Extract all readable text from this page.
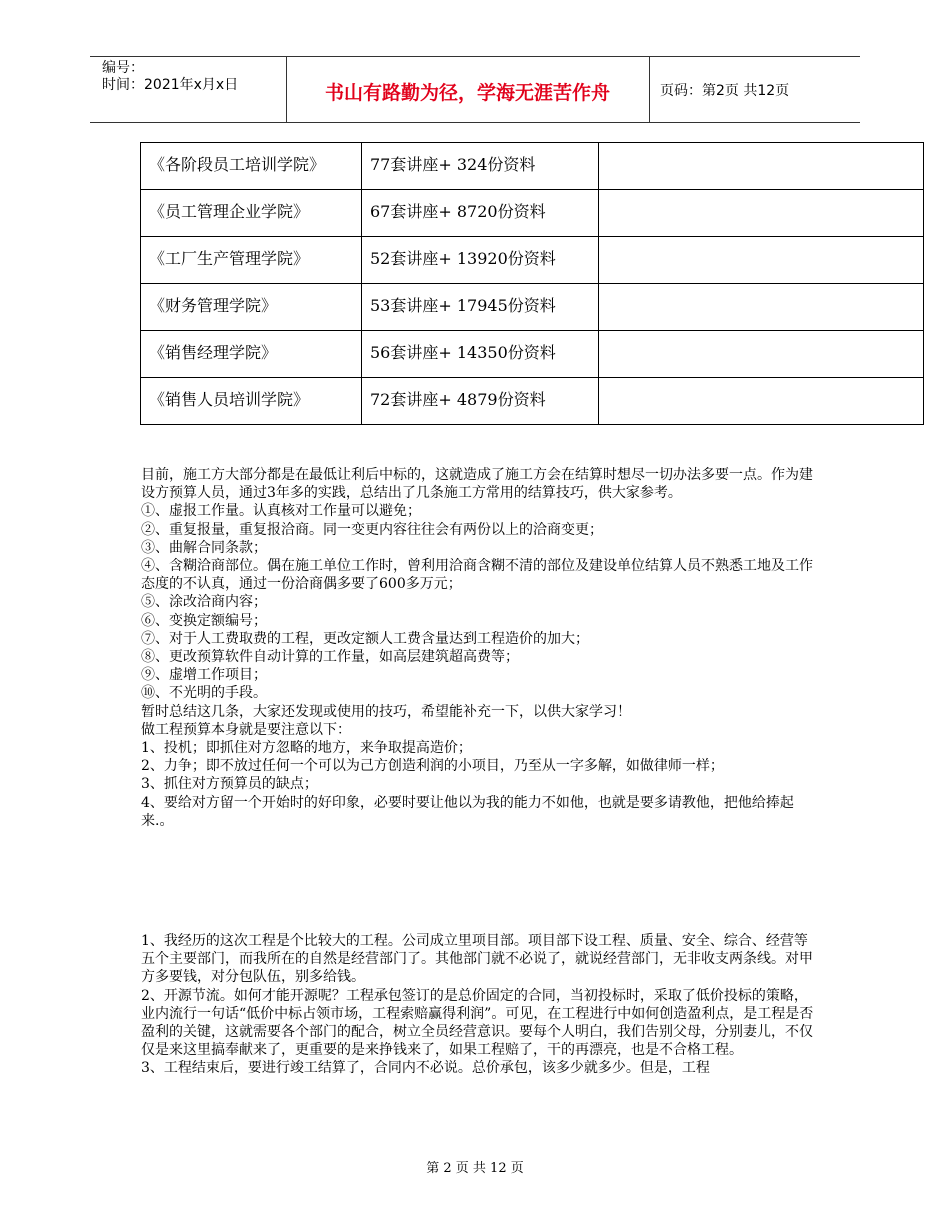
编号：
时间：2021年x月x日	书山有路勤为径，学海无涯苦作舟	页码：第2页 共12页
《各阶段员工培训学院》	77套讲座+ 324份资料	
《员工管理企业学院》	67套讲座+ 8720份资料	
《工厂生产管理学院》	52套讲座+ 13920份资料	
《财务管理学院》	53套讲座+ 17945份资料	
《销售经理学院》	56套讲座+ 14350份资料	
《销售人员培训学院》	72套讲座+ 4879份资料	

目前，施工方大部分都是在最低让利后中标的，这就造成了施工方会在结算时想尽一切办法多要一点。作为建设方预算人员，通过3年多的实践，总结出了几条施工方常用的结算技巧，供大家参考。

①、虚报工作量。认真核对工作量可以避免；

②、重复报量，重复报洽商。同一变更内容往往会有两份以上的洽商变更；

③、曲解合同条款；

④、含糊洽商部位。偶在施工单位工作时，曾利用洽商含糊不清的部位及建设单位结算人员不熟悉工地及工作态度的不认真，通过一份洽商偶多要了600多万元；

⑤、涂改洽商内容；

⑥、变换定额编号；

⑦、对于人工费取费的工程，更改定额人工费含量达到工程造价的加大；

⑧、更改预算软件自动计算的工作量，如高层建筑超高费等；

⑨、虚增工作项目；

⑩、不光明的手段。

暂时总结这几条，大家还发现或使用的技巧，希望能补充一下，以供大家学习！

做工程预算本身就是要注意以下：

1、投机；即抓住对方忽略的地方，来争取提高造价；

2、力争；即不放过任何一个可以为己方创造利润的小项目，乃至从一字多解，如做律师一样；

3、抓住对方预算员的缺点；

4、要给对方留一个开始时的好印象，必要时要让他以为我的能力不如他，也就是要多请教他，把他给捧起来.。

1、我经历的这次工程是个比较大的工程。公司成立里项目部。项目部下设工程、质量、安全、综合、经营等五个主要部门，而我所在的自然是经营部门了。其他部门就不必说了，就说经营部门，无非收支两条线。对甲方多要钱，对分包队伍，别多给钱。

2、开源节流。如何才能开源呢？工程承包签订的是总价固定的合同，当初投标时，采取了低价投标的策略，业内流行一句话“低价中标占领市场，工程索赔赢得利润”。可见，在工程进行中如何创造盈利点，是工程是否盈利的关键，这就需要各个部门的配合，树立全员经营意识。要每个人明白，我们告别父母，分别妻儿，不仅仅是来这里搞奉献来了，更重要的是来挣钱来了，如果工程赔了，干的再漂亮，也是不合格工程。

3、工程结束后，要进行竣工结算了，合同内不必说。总价承包，该多少就多少。但是，工程

第 2 页 共 12 页
